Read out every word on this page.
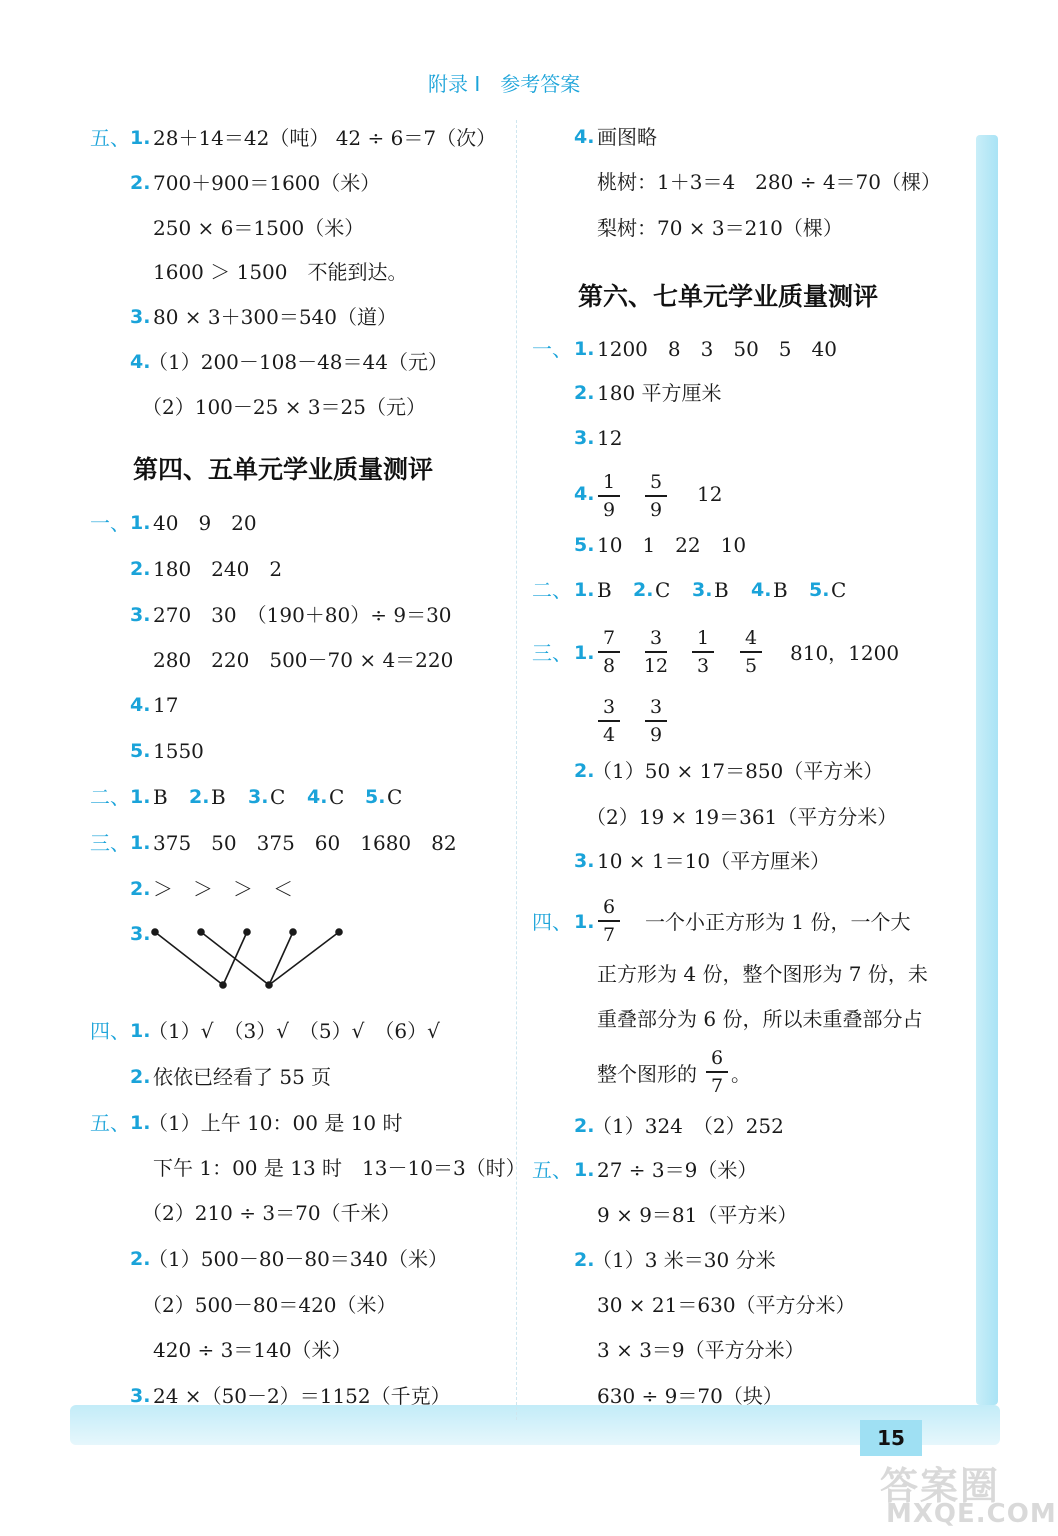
附录 I　参考答案
五、 1. 28＋14＝42（吨） 42 ÷ 6＝7（次）
2. 700＋900＝1600（米）
250 × 6＝1500（米）
1600 ＞ 1500　不能到达。
3. 80 × 3＋300＝540（道）
4.
（1）200－108－48＝44（元）
（2）100－25 × 3＝25（元）
第四、五单元学业质量测评
一、 1. 40　9　20
2. 180　240　2
3. 270　30　（190＋80）÷ 9＝30
280　220　500－70 × 4＝220
4. 17
5. 1550
二、 1. B 2. B 3. C 4. C 5. C
三、 1. 375　50　375　60　1680　82
2. ＞　＞　＞　＜
3.
四、 1.
（1）√　（3）√　（5）√　（6）√
2. 依依已经看了 55 页
五、 1.
（1）上午 10：00 是 10 时
下午 1：00 是 13 时　13－10＝3（时）
（2）210 ÷ 3＝70（千米）
2.
（1）500－80－80＝340（米）
（2）500－80＝420（米）
420 ÷ 3＝140（米）
3. 24 ×（50－2）＝1152（千克）
4. 画图略
桃树：1＋3＝4　280 ÷ 4＝70（棵）
梨树：70 × 3＝210（棵）
第六、七单元学业质量测评
一、 1. 1200　8　3　50　5　40
2. 180 平方厘米
3. 12
4.
1
9
5
9
12
5. 10　1　22　10
二、 1. B 2. C 3. B 4. B 5. C
三、 1.
7
8
3
12
1
3
4
5
810，1200
3
4
3
9
2.
（1）50 × 17＝850（平方米）
（2）19 × 19＝361（平方分米）
3. 10 × 1＝10（平方厘米）
四、 1.
6
7
一个小正方形为 1 份，一个大
正方形为 4 份，整个图形为 7 份，未
重叠部分为 6 份，所以未重叠部分占
整个图形的
6
7 。
2.
（1）324　（2）252
五、 1. 27 ÷ 3＝9（米）
9 × 9＝81（平方米）
2.
（1）3 米＝30 分米
30 × 21＝630（平方分米）
3 × 3＝9（平方分米）
630 ÷ 9＝70（块）
15
答案圈
MXQE.COM
